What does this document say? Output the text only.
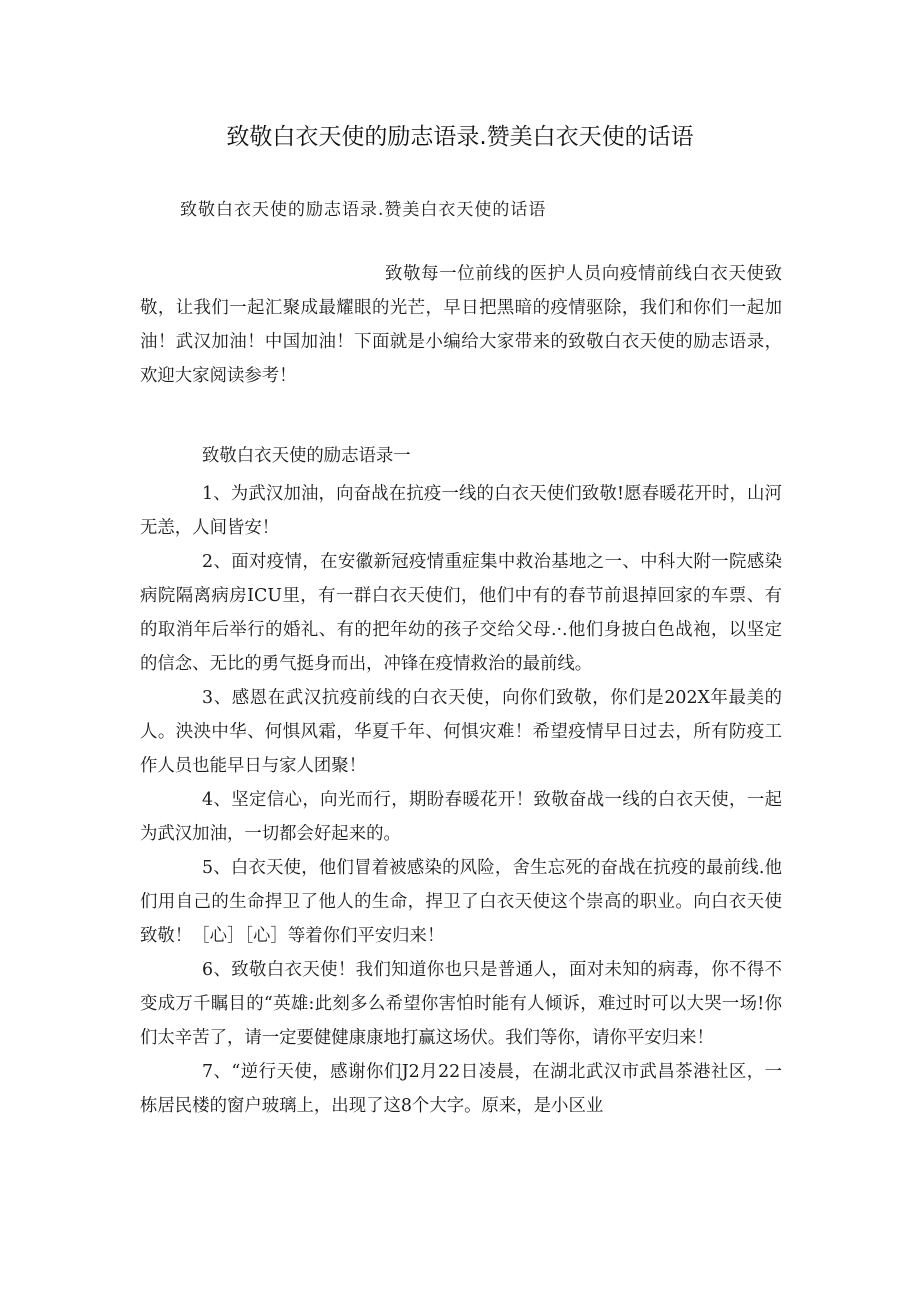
致敬白衣天使的励志语录.赞美白衣天使的话语
致敬白衣天使的励志语录.赞美白衣天使的话语

致敬每一位前线的医护人员向疫情前线白衣天使致敬，让我们一起汇聚成最耀眼的光芒，早日把黑暗的疫情驱除，我们和你们一起加油！武汉加油！中国加油！下面就是小编给大家带来的致敬白衣天使的励志语录，欢迎大家阅读参考！

致敬白衣天使的励志语录一

1、为武汉加油，向奋战在抗疫一线的白衣天使们致敬!愿春暖花开时，山河无恙，人间皆安！

2、面对疫情，在安徽新冠疫情重症集中救治基地之一、中科大附一院感染病院隔离病房ICU里，有一群白衣天使们，他们中有的春节前退掉回家的车票、有的取消年后举行的婚礼、有的把年幼的孩子交给父母.·.他们身披白色战袍，以坚定的信念、无比的勇气挺身而出，冲锋在疫情救治的最前线。

3、感恩在武汉抗疫前线的白衣天使，向你们致敬，你们是202X年最美的人。泱泱中华、何惧风霜，华夏千年、何惧灾难！希望疫情早日过去，所有防疫工作人员也能早日与家人团聚！

4、坚定信心，向光而行，期盼春暖花开！致敬奋战一线的白衣天使，一起为武汉加油，一切都会好起来的。

5、白衣天使，他们冒着被感染的风险，舍生忘死的奋战在抗疫的最前线.他们用自己的生命捍卫了他人的生命，捍卫了白衣天使这个崇高的职业。向白衣天使致敬！［心］［心］等着你们平安归来！

6、致敬白衣天使！我们知道你也只是普通人，面对未知的病毒，你不得不变成万千瞩目的“英雄:此刻多么希望你害怕时能有人倾诉，难过时可以大哭一场!你们太辛苦了，请一定要健健康康地打赢这场伏。我们等你，请你平安归来！

7、“逆行天使，感谢你们J2月22日凌晨，在湖北武汉市武昌茶港社区，一栋居民楼的窗户玻璃上，出现了这8个大字。原来，是小区业
